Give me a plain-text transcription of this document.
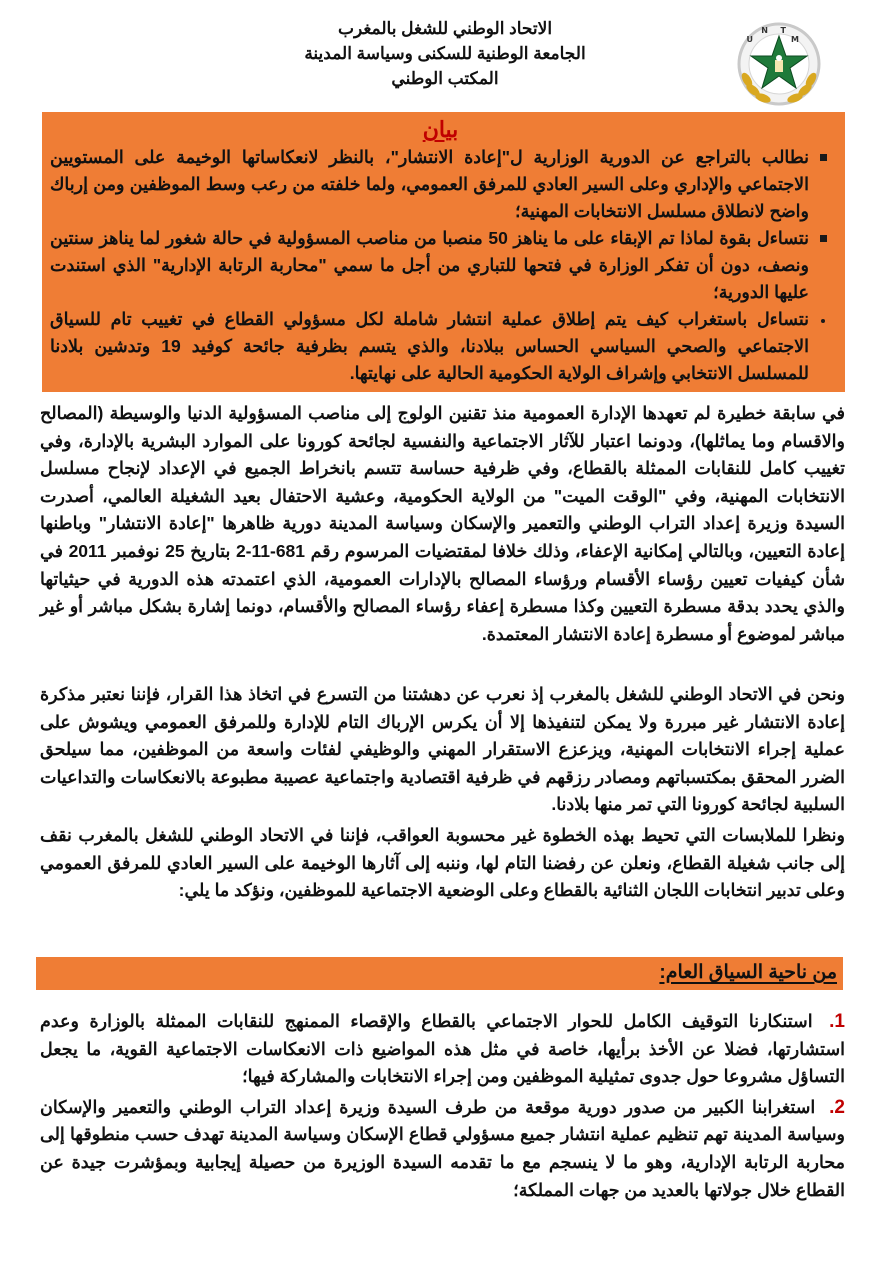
U
N T
M
الاتحاد الوطني للشغل بالمغرب
الجامعة الوطنية للسكنى وسياسة المدينة
المكتب الوطني
بيان
نطالب بالتراجع عن الدورية الوزارية ل"إعادة الانتشار"، بالنظر لانعكاساتها الوخيمة على المستويين الاجتماعي والإداري وعلى السير العادي للمرفق العمومي، ولما خلفته من رعب وسط الموظفين ومن إرباك واضح لانطلاق مسلسل الانتخابات المهنية؛
نتساءل بقوة لماذا تم الإبقاء على ما يناهز 50 منصبا من مناصب المسؤولية في حالة شغور لما يناهز سنتين ونصف، دون أن تفكر الوزارة في فتحها للتباري من أجل ما سمي "محاربة الرتابة الإدارية" الذي استندت عليها الدورية؛
نتساءل باستغراب كيف يتم إطلاق عملية انتشار شاملة لكل مسؤولي القطاع في تغييب تام للسياق الاجتماعي والصحي السياسي الحساس ببلادنا، والذي يتسم بظرفية جائحة كوفيد 19 وتدشين بلادنا للمسلسل الانتخابي وإشراف الولاية الحكومية الحالية على نهايتها.

في سابقة خطيرة لم تعهدها الإدارة العمومية منذ تقنين الولوج إلى مناصب المسؤولية الدنيا والوسيطة (المصالح والاقسام وما يماثلها)، ودونما اعتبار للآثار الاجتماعية والنفسية لجائحة كورونا على الموارد البشرية بالإدارة، وفي تغييب كامل للنقابات الممثلة بالقطاع، وفي ظرفية حساسة تتسم بانخراط الجميع في الإعداد لإنجاح مسلسل الانتخابات المهنية، وفي "الوقت الميت" من الولاية الحكومية، وعشية الاحتفال بعيد الشغيلة العالمي، أصدرت السيدة وزيرة إعداد التراب الوطني والتعمير والإسكان وسياسة المدينة دورية ظاهرها "إعادة الانتشار" وباطنها إعادة التعيين، وبالتالي إمكانية الإعفاء، وذلك خلافا لمقتضيات المرسوم رقم 681-11-2 بتاريخ 25 نوفمبر 2011 في شأن كيفيات تعيين رؤساء الأقسام ورؤساء المصالح بالإدارات العمومية، الذي اعتمدته هذه الدورية في حيثياتها والذي يحدد بدقة مسطرة التعيين وكذا مسطرة إعفاء رؤساء المصالح والأقسام، دونما إشارة بشكل مباشر أو غير مباشر لموضوع أو مسطرة إعادة الانتشار المعتمدة.

ونحن في الاتحاد الوطني للشغل بالمغرب إذ نعرب عن دهشتنا من التسرع في اتخاذ هذا القرار، فإننا نعتبر مذكرة إعادة الانتشار غير مبررة ولا يمكن لتنفيذها إلا أن يكرس الإرباك التام للإدارة وللمرفق العمومي ويشوش على عملية إجراء الانتخابات المهنية، ويزعزع الاستقرار المهني والوظيفي لفئات واسعة من الموظفين، مما سيلحق الضرر المحقق بمكتسباتهم ومصادر رزقهم في ظرفية اقتصادية واجتماعية عصيبة مطبوعة بالانعكاسات والتداعيات السلبية لجائحة كورونا التي تمر منها بلادنا.

ونظرا للملابسات التي تحيط بهذه الخطوة غير محسوبة العواقب، فإننا في الاتحاد الوطني للشغل بالمغرب نقف إلى جانب شغيلة القطاع، ونعلن عن رفضنا التام لها، وننبه إلى آثارها الوخيمة على السير العادي للمرفق العمومي وعلى تدبير انتخابات اللجان الثنائية بالقطاع وعلى الوضعية الاجتماعية للموظفين، ونؤكد ما يلي:

من ناحية السياق العام:
1. استنكارنا التوقيف الكامل للحوار الاجتماعي بالقطاع والإقصاء الممنهج للنقابات الممثلة بالوزارة وعدم استشارتها، فضلا عن الأخذ برأيها، خاصة في مثل هذه المواضيع ذات الانعكاسات الاجتماعية القوية، ما يجعل التساؤل مشروعا حول جدوى تمثيلية الموظفين ومن إجراء الانتخابات والمشاركة فيها؛
2. استغرابنا الكبير من صدور دورية موقعة من طرف السيدة وزيرة إعداد التراب الوطني والتعمير والإسكان وسياسة المدينة تهم تنظيم عملية انتشار جميع مسؤولي قطاع الإسكان وسياسة المدينة تهدف حسب منطوقها إلى محاربة الرتابة الإدارية، وهو ما لا ينسجم مع ما تقدمه السيدة الوزيرة من حصيلة إيجابية وبمؤشرت جيدة عن القطاع خلال جولاتها بالعديد من جهات المملكة؛
